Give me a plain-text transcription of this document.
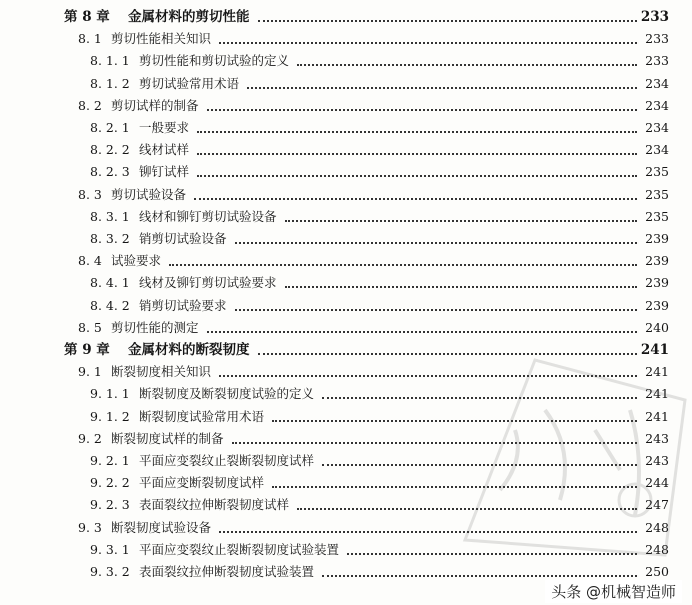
第 8 章 金属材料的剪切性能	233
8. 1 剪切性能相关知识	233
8. 1. 1 剪切性能和剪切试验的定义	233
8. 1. 2 剪切试验常用术语	234
8. 2 剪切试样的制备	234
8. 2. 1 一般要求	234
8. 2. 2 线材试样	234
8. 2. 3 铆钉试样	235
8. 3 剪切试验设备	235
8. 3. 1 线材和铆钉剪切试验设备	235
8. 3. 2 销剪切试验设备	239
8. 4 试验要求	239
8. 4. 1 线材及铆钉剪切试验要求	239
8. 4. 2 销剪切试验要求	239
8. 5 剪切性能的测定	240
第 9 章 金属材料的断裂韧度	241
9. 1 断裂韧度相关知识	241
9. 1. 1 断裂韧度及断裂韧度试验的定义	241
9. 1. 2 断裂韧度试验常用术语	241
9. 2 断裂韧度试样的制备	243
9. 2. 1 平面应变裂纹止裂断裂韧度试样	243
9. 2. 2 平面应变断裂韧度试样	244
9. 2. 3 表面裂纹拉伸断裂韧度试样	247
9. 3 断裂韧度试验设备	248
9. 3. 1 平面应变裂纹止裂断裂韧度试验装置	248
9. 3. 2 表面裂纹拉伸断裂韧度试验装置	250
头条 @机械智造师
